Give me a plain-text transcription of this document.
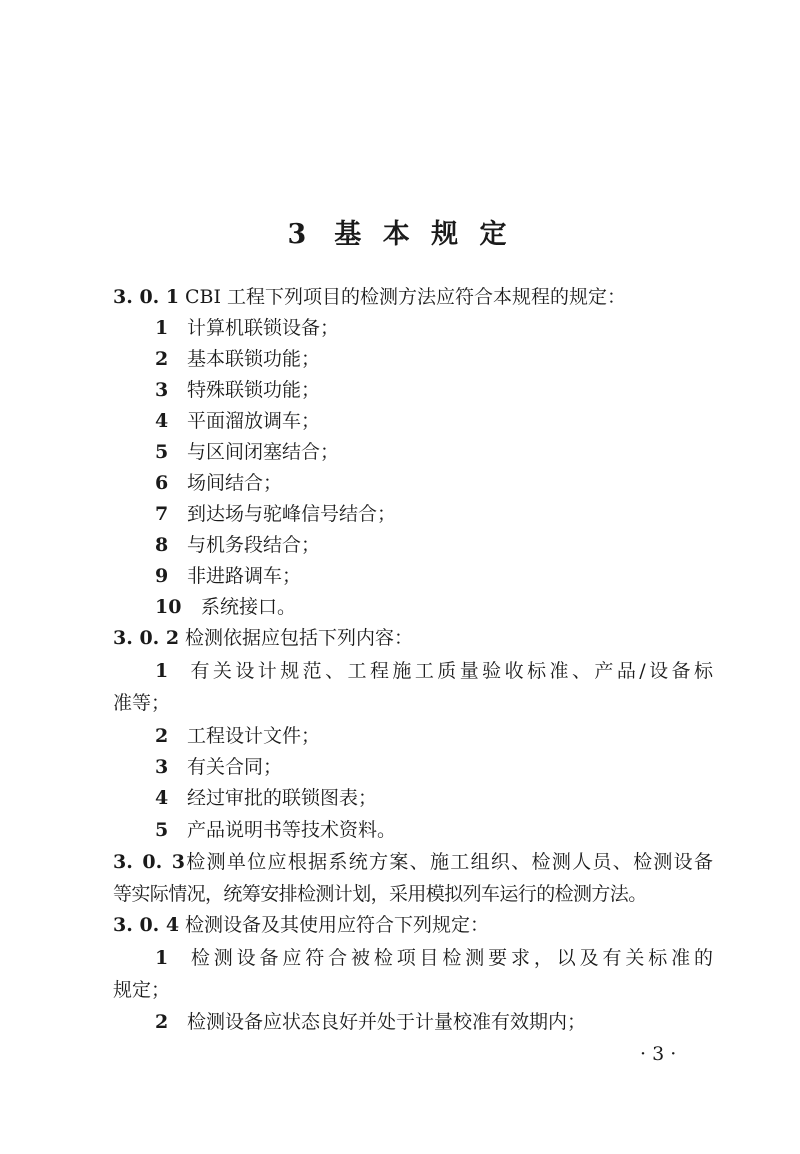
3 基 本 规 定
3. 0. 1 CBI 工程下列项目的检测方法应符合本规程的规定：
1 计算机联锁设备；
2 基本联锁功能；
3 特殊联锁功能；
4 平面溜放调车；
5 与区间闭塞结合；
6 场间结合；
7 到达场与驼峰信号结合；
8 与机务段结合；
9 非进路调车；
10 系统接口。
3. 0. 2 检测依据应包括下列内容：
1 有关设计规范、工程施工质量验收标准、产品/设备标
准等；
2 工程设计文件；
3 有关合同；
4 经过审批的联锁图表；
5 产品说明书等技术资料。
3. 0. 3检测单位应根据系统方案、施工组织、检测人员、检测设备
等实际情况，统筹安排检测计划，采用模拟列车运行的检测方法。
3. 0. 4 检测设备及其使用应符合下列规定：
1 检测设备应符合被检项目检测要求，以及有关标准的
规定；
2 检测设备应状态良好并处于计量校准有效期内；
· 3 ·
